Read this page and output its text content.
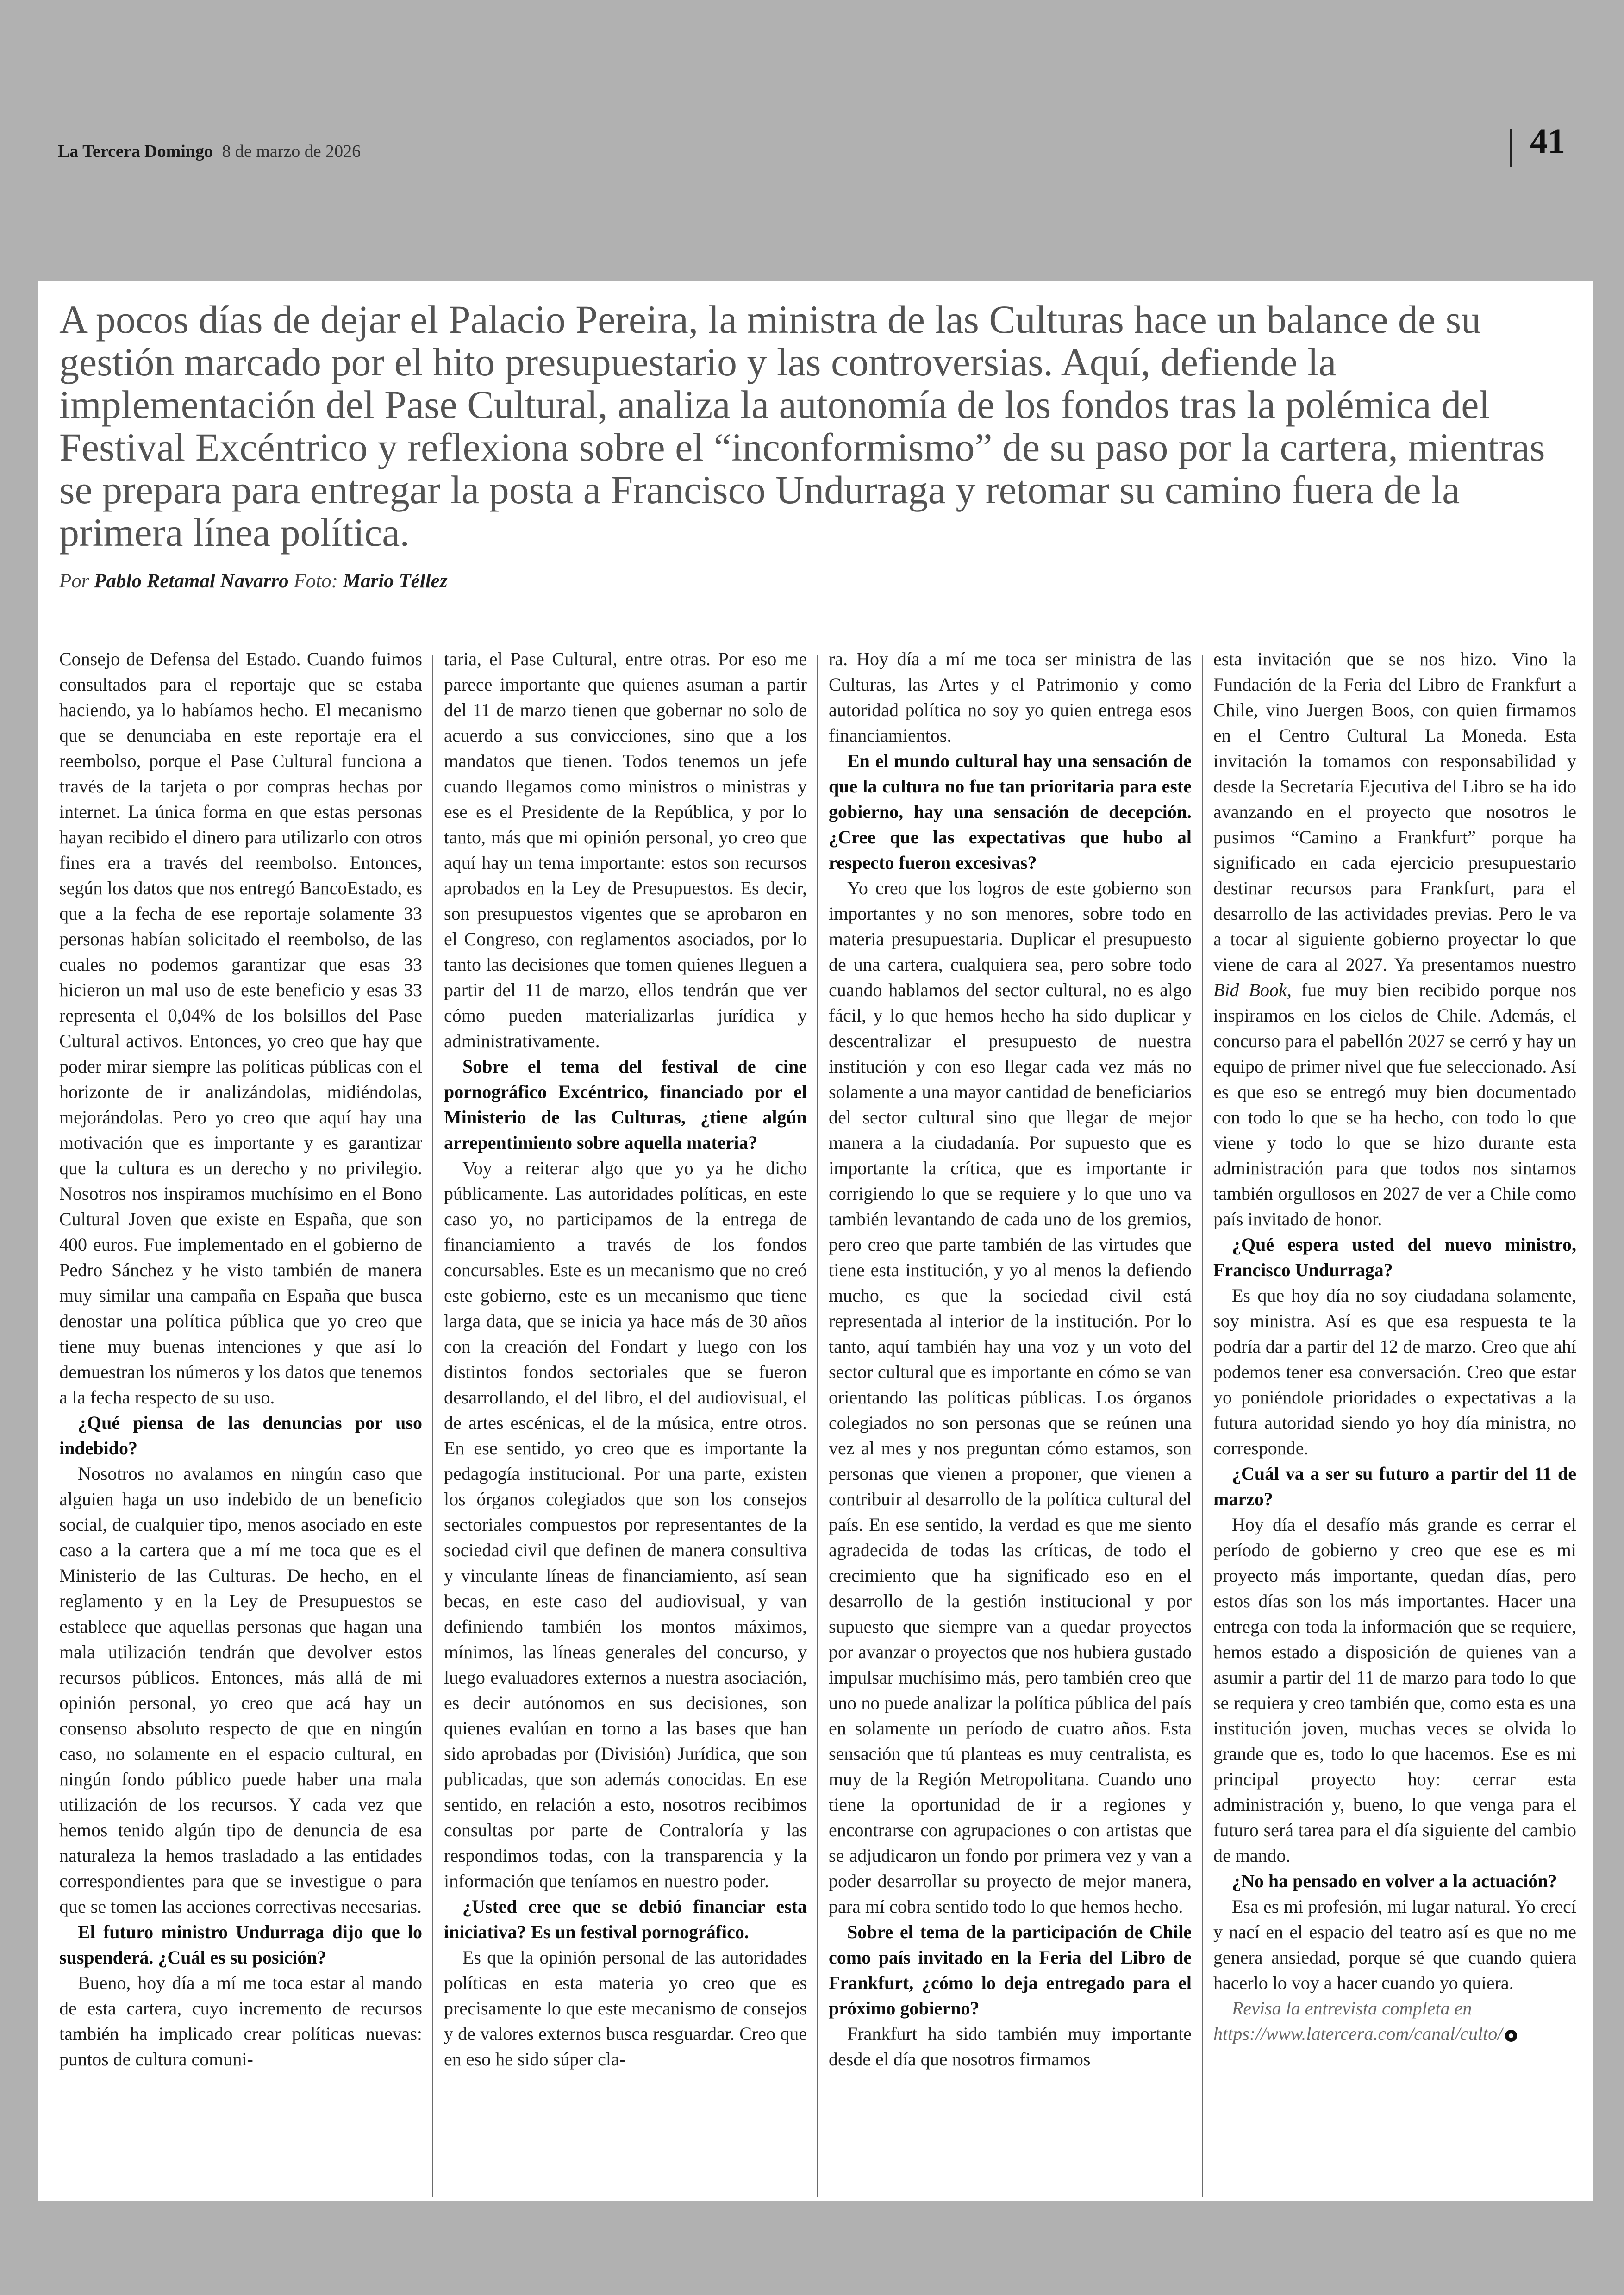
La Tercera Domingo 8 de marzo de 2026	41
A pocos días de dejar el Palacio Pereira, la ministra de las Culturas hace un balance de su gestión marcado por el hito presupuestario y las controversias. Aquí, defiende la implementación del Pase Cultural, analiza la autonomía de los fondos tras la polémica del Festival Excéntrico y reflexiona sobre el “inconformismo” de su paso por la cartera, mientras se prepara para entregar la posta a Francisco Undurraga y retomar su camino fuera de la primera línea política.
Por Pablo Retamal Navarro Foto: Mario Téllez

Consejo de Defensa del Estado. Cuando fuimos consultados para el reportaje que se estaba haciendo, ya lo habíamos hecho. El mecanismo que se denunciaba en este reportaje era el reembolso, porque el Pase Cultural funciona a través de la tarjeta o por compras hechas por internet. La única forma en que estas personas hayan recibido el dinero para utilizarlo con otros fines era a través del reembolso. Entonces, según los datos que nos entregó BancoEstado, es que a la fecha de ese reportaje solamente 33 personas habían solicitado el reembolso, de las cuales no podemos garantizar que esas 33 hicieron un mal uso de este beneficio y esas 33 representa el 0,04% de los bolsillos del Pase Cultural activos. Entonces, yo creo que hay que poder mirar siempre las políticas públicas con el horizonte de ir analizándolas, midiéndolas, mejorándolas. Pero yo creo que aquí hay una motivación que es importante y es garantizar que la cultura es un derecho y no privilegio. Nosotros nos inspiramos muchísimo en el Bono Cultural Joven que existe en España, que son 400 euros. Fue implementado en el gobierno de Pedro Sánchez y he visto también de manera muy similar una campaña en España que busca denostar una política pública que yo creo que tiene muy buenas intenciones y que así lo demuestran los números y los datos que tenemos a la fecha respecto de su uso.

¿Qué piensa de las denuncias por uso indebido?

Nosotros no avalamos en ningún caso que alguien haga un uso indebido de un beneficio social, de cualquier tipo, menos asociado en este caso a la cartera que a mí me toca que es el Ministerio de las Culturas. De hecho, en el reglamento y en la Ley de Presupuestos se establece que aquellas personas que hagan una mala utilización tendrán que devolver estos recursos públicos. Entonces, más allá de mi opinión personal, yo creo que acá hay un consenso absoluto respecto de que en ningún caso, no solamente en el espacio cultural, en ningún fondo público puede haber una mala utilización de los recursos. Y cada vez que hemos tenido algún tipo de denuncia de esa naturaleza la hemos trasladado a las entidades correspondientes para que se investigue o para que se tomen las acciones correctivas necesarias.

El futuro ministro Undurraga dijo que lo suspenderá. ¿Cuál es su posición?

Bueno, hoy día a mí me toca estar al mando de esta cartera, cuyo incremento de recursos también ha implicado crear políticas nuevas: puntos de cultura comuni-

taria, el Pase Cultural, entre otras. Por eso me parece importante que quienes asuman a partir del 11 de marzo tienen que gobernar no solo de acuerdo a sus convicciones, sino que a los mandatos que tienen. Todos tenemos un jefe cuando llegamos como ministros o ministras y ese es el Presidente de la República, y por lo tanto, más que mi opinión personal, yo creo que aquí hay un tema importante: estos son recursos aprobados en la Ley de Presupuestos. Es decir, son presupuestos vigentes que se aprobaron en el Congreso, con reglamentos asociados, por lo tanto las decisiones que tomen quienes lleguen a partir del 11 de marzo, ellos tendrán que ver cómo pueden materializarlas jurídica y administrativamente.

Sobre el tema del festival de cine pornográfico Excéntrico, financiado por el Ministerio de las Culturas, ¿tiene algún arrepentimiento sobre aquella materia?

Voy a reiterar algo que yo ya he dicho públicamente. Las autoridades políticas, en este caso yo, no participamos de la entrega de financiamiento a través de los fondos concursables. Este es un mecanismo que no creó este gobierno, este es un mecanismo que tiene larga data, que se inicia ya hace más de 30 años con la creación del Fondart y luego con los distintos fondos sectoriales que se fueron desarrollando, el del libro, el del audiovisual, el de artes escénicas, el de la música, entre otros. En ese sentido, yo creo que es importante la pedagogía institucional. Por una parte, existen los órganos colegiados que son los consejos sectoriales compuestos por representantes de la sociedad civil que definen de manera consultiva y vinculante líneas de financiamiento, así sean becas, en este caso del audiovisual, y van definiendo también los montos máximos, mínimos, las líneas generales del concurso, y luego evaluadores externos a nuestra asociación, es decir autónomos en sus decisiones, son quienes evalúan en torno a las bases que han sido aprobadas por (División) Jurídica, que son publicadas, que son además conocidas. En ese sentido, en relación a esto, nosotros recibimos consultas por parte de Contraloría y las respondimos todas, con la transparencia y la información que teníamos en nuestro poder.

¿Usted cree que se debió financiar esta iniciativa? Es un festival pornográfico.

Es que la opinión personal de las autoridades políticas en esta materia yo creo que es precisamente lo que este mecanismo de consejos y de valores externos busca resguardar. Creo que en eso he sido súper cla-

ra. Hoy día a mí me toca ser ministra de las Culturas, las Artes y el Patrimonio y como autoridad política no soy yo quien entrega esos financiamientos.

En el mundo cultural hay una sensación de que la cultura no fue tan prioritaria para este gobierno, hay una sensación de decepción. ¿Cree que las expectativas que hubo al respecto fueron excesivas?

Yo creo que los logros de este gobierno son importantes y no son menores, sobre todo en materia presupuestaria. Duplicar el presupuesto de una cartera, cualquiera sea, pero sobre todo cuando hablamos del sector cultural, no es algo fácil, y lo que hemos hecho ha sido duplicar y descentralizar el presupuesto de nuestra institución y con eso llegar cada vez más no solamente a una mayor cantidad de beneficiarios del sector cultural sino que llegar de mejor manera a la ciudadanía. Por supuesto que es importante la crítica, que es importante ir corrigiendo lo que se requiere y lo que uno va también levantando de cada uno de los gremios, pero creo que parte también de las virtudes que tiene esta institución, y yo al menos la defiendo mucho, es que la sociedad civil está representada al interior de la institución. Por lo tanto, aquí también hay una voz y un voto del sector cultural que es importante en cómo se van orientando las políticas públicas. Los órganos colegiados no son personas que se reúnen una vez al mes y nos preguntan cómo estamos, son personas que vienen a proponer, que vienen a contribuir al desarrollo de la política cultural del país. En ese sentido, la verdad es que me siento agradecida de todas las críticas, de todo el crecimiento que ha significado eso en el desarrollo de la gestión institucional y por supuesto que siempre van a quedar proyectos por avanzar o proyectos que nos hubiera gustado impulsar muchísimo más, pero también creo que uno no puede analizar la política pública del país en solamente un período de cuatro años. Esta sensación que tú planteas es muy centralista, es muy de la Región Metropolitana. Cuando uno tiene la oportunidad de ir a regiones y encontrarse con agrupaciones o con artistas que se adjudicaron un fondo por primera vez y van a poder desarrollar su proyecto de mejor manera, para mí cobra sentido todo lo que hemos hecho.

Sobre el tema de la participación de Chile como país invitado en la Feria del Libro de Frankfurt, ¿cómo lo deja entregado para el próximo gobierno?

Frankfurt ha sido también muy importante desde el día que nosotros firmamos

esta invitación que se nos hizo. Vino la Fundación de la Feria del Libro de Frankfurt a Chile, vino Juergen Boos, con quien firmamos en el Centro Cultural La Moneda. Esta invitación la tomamos con responsabilidad y desde la Secretaría Ejecutiva del Libro se ha ido avanzando en el proyecto que nosotros le pusimos “Camino a Frankfurt” porque ha significado en cada ejercicio presupuestario destinar recursos para Frankfurt, para el desarrollo de las actividades previas. Pero le va a tocar al siguiente gobierno proyectar lo que viene de cara al 2027. Ya presentamos nuestro Bid Book, fue muy bien recibido porque nos inspiramos en los cielos de Chile. Además, el concurso para el pabellón 2027 se cerró y hay un equipo de primer nivel que fue seleccionado. Así es que eso se entregó muy bien documentado con todo lo que se ha hecho, con todo lo que viene y todo lo que se hizo durante esta administración para que todos nos sintamos también orgullosos en 2027 de ver a Chile como país invitado de honor.

¿Qué espera usted del nuevo ministro, Francisco Undurraga?

Es que hoy día no soy ciudadana solamente, soy ministra. Así es que esa respuesta te la podría dar a partir del 12 de marzo. Creo que ahí podemos tener esa conversación. Creo que estar yo poniéndole prioridades o expectativas a la futura autoridad siendo yo hoy día ministra, no corresponde.

¿Cuál va a ser su futuro a partir del 11 de marzo?

Hoy día el desafío más grande es cerrar el período de gobierno y creo que ese es mi proyecto más importante, quedan días, pero estos días son los más importantes. Hacer una entrega con toda la información que se requiere, hemos estado a disposición de quienes van a asumir a partir del 11 de marzo para todo lo que se requiera y creo también que, como esta es una institución joven, muchas veces se olvida lo grande que es, todo lo que hacemos. Ese es mi principal proyecto hoy: cerrar esta administración y, bueno, lo que venga para el futuro será tarea para el día siguiente del cambio de mando.

¿No ha pensado en volver a la actuación?

Esa es mi profesión, mi lugar natural. Yo crecí y nací en el espacio del teatro así es que no me genera ansiedad, porque sé que cuando quiera hacerlo lo voy a hacer cuando yo quiera.

Revisa la entrevista completa en https://www.latercera.com/canal/culto/
